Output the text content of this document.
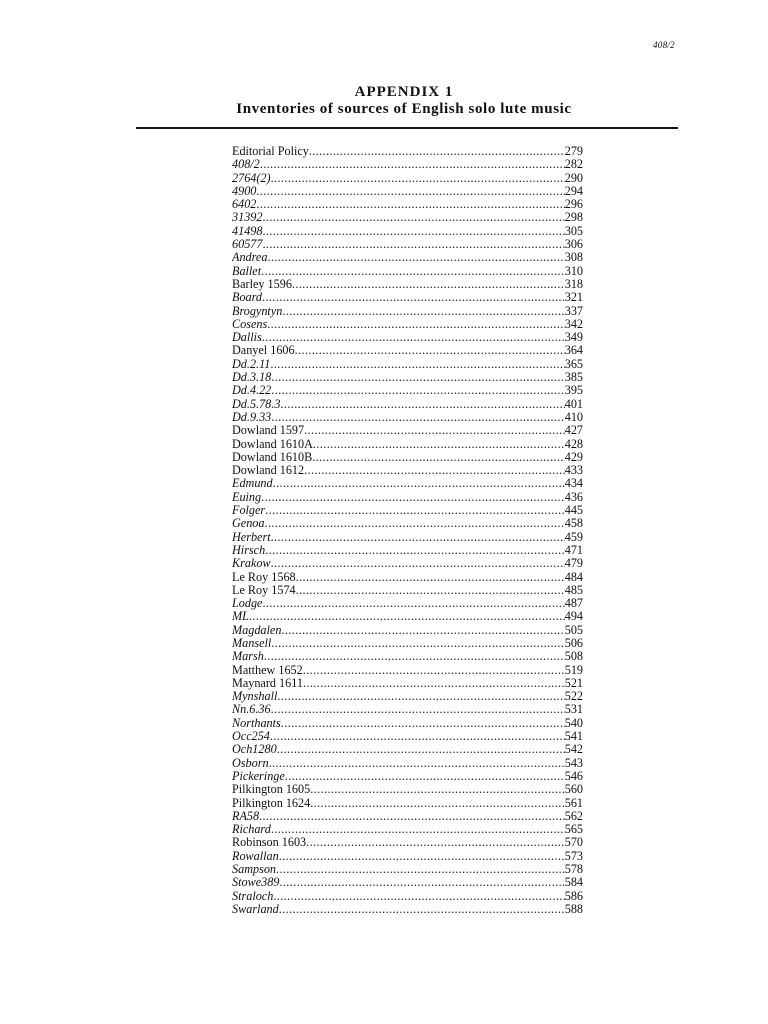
408/2
APPENDIX 1
Inventories of sources of English solo lute music
Editorial Policy .....	279
408/2 .....	282
2764(2) .....	290
4900 .....	294
6402 .....	296
31392 .....	298
41498 .....	305
60577 .....	306
Andrea .....	308
Ballet .....	310
Barley 1596 .....	318
Board .....	321
Brogyntyn .....	337
Cosens .....	342
Dallis .....	349
Danyel 1606 .....	364
Dd.2.11 .....	365
Dd.3.18 .....	385
Dd.4.22 .....	395
Dd.5.78.3 .....	401
Dd.9.33 .....	410
Dowland 1597 .....	427
Dowland 1610A .....	428
Dowland 1610B .....	429
Dowland 1612 .....	433
Edmund .....	434
Euing .....	436
Folger .....	445
Genoa .....	458
Herbert .....	459
Hirsch .....	471
Krakow .....	479
Le Roy 1568 .....	484
Le Roy 1574 .....	485
Lodge .....	487
ML .....	494
Magdalen .....	505
Mansell .....	506
Marsh .....	508
Matthew 1652 .....	519
Maynard 1611 .....	521
Mynshall .....	522
Nn.6.36 .....	531
Northants .....	540
Occ254 .....	541
Och1280 .....	542
Osborn .....	543
Pickeringe .....	546
Pilkington 1605 .....	560
Pilkington 1624 .....	561
RA58 .....	562
Richard .....	565
Robinson 1603 .....	570
Rowallan .....	573
Sampson .....	578
Stowe389 .....	584
Straloch .....	586
Swarland .....	588
